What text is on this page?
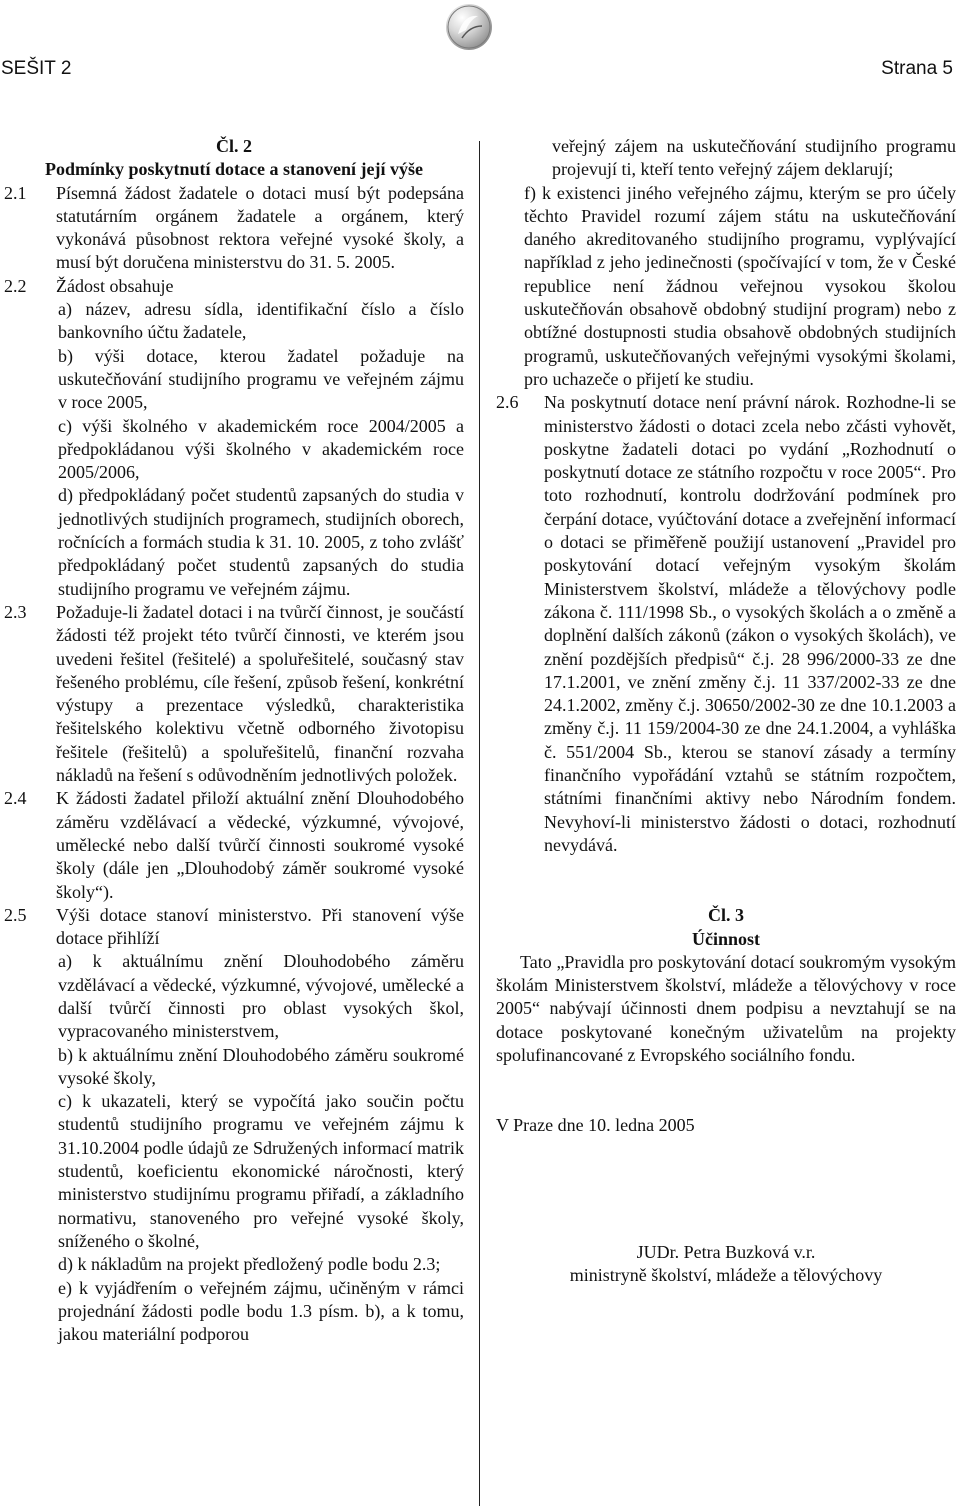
SEŠIT 2	Strana 5

Čl. 2

Podmínky poskytnutí dotace a stanovení její výše

2.1 Písemná žádost žadatele o dotaci musí být podepsána statutárním orgánem žadatele a orgánem, který vykonává působnost rektora veřejné vysoké školy, a musí být doručena ministerstvu do 31. 5. 2005.

2.2 Žádost obsahuje

a) název, adresu sídla, identifikační číslo a číslo bankovního účtu žadatele,

b) výši dotace, kterou žadatel požaduje na uskutečňování studijního programu ve veřejném zájmu v roce 2005,

c) výši školného v akademickém roce 2004/2005 a předpokládanou výši školného v akademickém roce 2005/2006,

d) předpokládaný počet studentů zapsaných do studia v jednotlivých studijních programech, studijních oborech, ročnících a formách studia k 31. 10. 2005, z toho zvlášť předpokládaný počet studentů zapsaných do studia studijního programu ve veřejném zájmu.

2.3 Požaduje-li žadatel dotaci i na tvůrčí činnost, je součástí žádosti též projekt této tvůrčí činnosti, ve kterém jsou uvedeni řešitel (řešitelé) a spoluřešitelé, současný stav řešeného problému, cíle řešení, způsob řešení, konkrétní výstupy a prezentace výsledků, charakteristika řešitelského kolektivu včetně odborného životopisu řešitele (řešitelů) a spoluřešitelů, finanční rozvaha nákladů na řešení s odůvodněním jednotlivých položek.

2.4 K žádosti žadatel přiloží aktuální znění Dlouhodobého záměru vzdělávací a vědecké, výzkumné, vývojové, umělecké nebo další tvůrčí činnosti soukromé vysoké školy (dále jen „Dlouhodobý záměr soukromé vysoké školy“).

2.5 Výši dotace stanoví ministerstvo. Při stanovení výše dotace přihlíží

a) k aktuálnímu znění Dlouhodobého záměru vzdělávací a vědecké, výzkumné, vývojové, umělecké a další tvůrčí činnosti pro oblast vysokých škol, vypracovaného ministerstvem,

b) k aktuálnímu znění Dlouhodobého záměru soukromé vysoké školy,

c) k ukazateli, který se vypočítá jako součin počtu studentů studijního programu ve veřejném zájmu k 31.10.2004 podle údajů ze Sdružených informací matrik studentů, koeficientu ekonomické náročnosti, který ministerstvo studijnímu programu přiřadí, a základního normativu, stanoveného pro veřejné vysoké školy, sníženého o školné,

d) k nákladům na projekt předložený podle bodu 2.3;

e) k vyjádřením o veřejném zájmu, učiněným v rámci projednání žádosti podle bodu 1.3 písm. b), a k tomu, jakou materiální podporou

veřejný zájem na uskutečňování studijního programu projevují ti, kteří tento veřejný zájem deklarují;

f) k existenci jiného veřejného zájmu, kterým se pro účely těchto Pravidel rozumí zájem státu na uskutečňování daného akreditovaného studijního programu, vyplývající například z jeho jedinečnosti (spočívající v tom, že v České republice není žádnou veřejnou vysokou školou uskutečňován obsahově obdobný studijní program) nebo z obtížné dostupnosti studia obsahově obdobných studijních programů, uskutečňovaných veřejnými vysokými školami, pro uchazeče o přijetí ke studiu.

2.6 Na poskytnutí dotace není právní nárok. Rozhodne-li se ministerstvo žádosti o dotaci zcela nebo zčásti vyhovět, poskytne žadateli dotaci po vydání „Rozhodnutí o poskytnutí dotace ze státního rozpočtu v roce 2005“. Pro toto rozhodnutí, kontrolu dodržování podmínek pro čerpání dotace, vyúčtování dotace a zveřejnění informací o dotaci se přiměřeně použijí ustanovení „Pravidel pro poskytování dotací veřejným vysokým školám Ministerstvem školství, mládeže a tělovýchovy podle zákona č. 111/1998 Sb., o vysokých školách a o změně a doplnění dalších zákonů (zákon o vysokých školách), ve znění pozdějších předpisů“ č.j. 28 996/2000-33 ze dne 17.1.2001, ve znění změny č.j. 11 337/2002-33 ze dne 24.1.2002, změny č.j. 30650/2002-30 ze dne 10.1.2003 a změny č.j. 11 159/2004-30 ze dne 24.1.2004, a vyhláška č. 551/2004 Sb., kterou se stanoví zásady a termíny finančního vypořádání vztahů se státním rozpočtem, státními finančními aktivy nebo Národním fondem. Nevyhoví-li ministerstvo žádosti o dotaci, rozhodnutí nevydává.

Čl. 3

Účinnost

Tato „Pravidla pro poskytování dotací soukromým vysokým školám Ministerstvem školství, mládeže a tělovýchovy v roce 2005“ nabývají účinnosti dnem podpisu a nevztahují se na dotace poskytované konečným uživatelům na projekty spolufinancované z Evropského sociálního fondu.

V Praze dne 10. ledna 2005

JUDr. Petra Buzková v.r.

ministryně školství, mládeže a tělovýchovy
